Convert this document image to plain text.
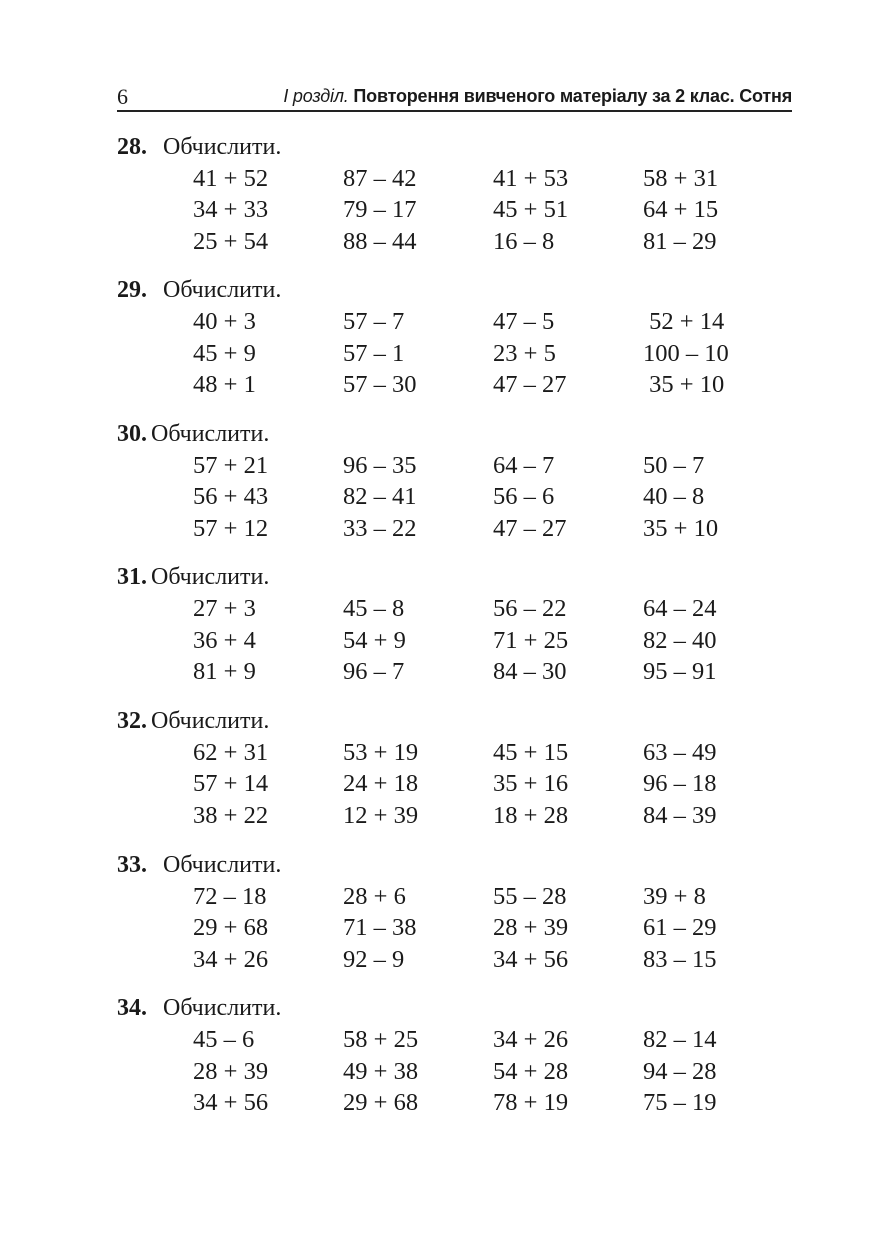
6	I розділ. Повторення вивченого матеріалу за 2 клас. Сотня
28. Обчислити.
41 + 52	87 – 42	41 + 53	58 + 31
34 + 33	79 – 17	45 + 51	64 + 15
25 + 54	88 – 44	16 – 8	81 – 29
29. Обчислити.
40 + 3	57 – 7	47 – 5	52 + 14
45 + 9	57 – 1	23 + 5	100 – 10
48 + 1	57 – 30	47 – 27	35 + 10
30. Обчислити.
57 + 21	96 – 35	64 – 7	50 – 7
56 + 43	82 – 41	56 – 6	40 – 8
57 + 12	33 – 22	47 – 27	35 + 10
31. Обчислити.
27 + 3	45 – 8	56 – 22	64 – 24
36 + 4	54 + 9	71 + 25	82 – 40
81 + 9	96 – 7	84 – 30	95 – 91
32. Обчислити.
62 + 31	53 + 19	45 + 15	63 – 49
57 + 14	24 + 18	35 + 16	96 – 18
38 + 22	12 + 39	18 + 28	84 – 39
33. Обчислити.
72 – 18	28 + 6	55 – 28	39 + 8
29 + 68	71 – 38	28 + 39	61 – 29
34 + 26	92 – 9	34 + 56	83 – 15
34. Обчислити.
45 – 6	58 + 25	34 + 26	82 – 14
28 + 39	49 + 38	54 + 28	94 – 28
34 + 56	29 + 68	78 + 19	75 – 19
